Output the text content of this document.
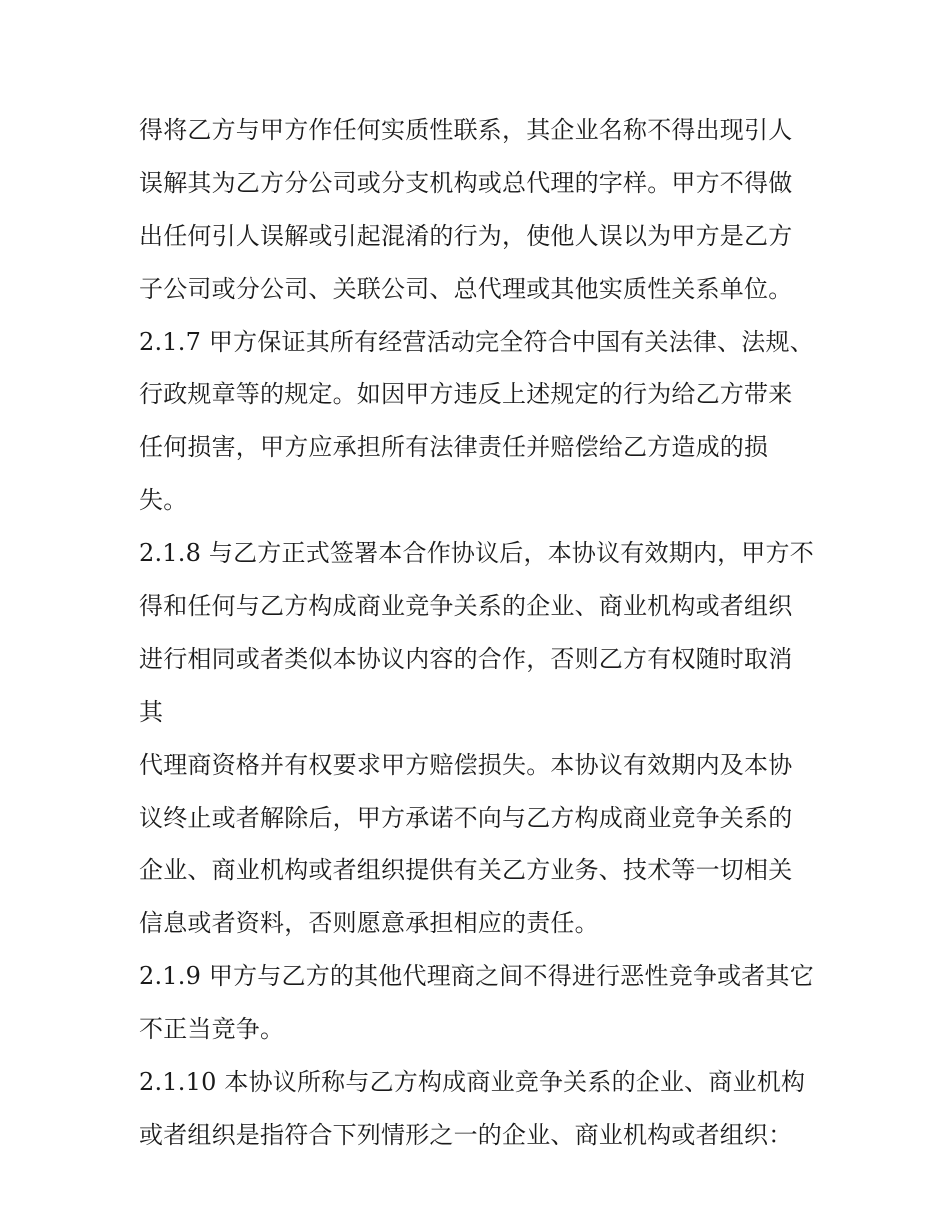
得将乙方与甲方作任何实质性联系，其企业名称不得出现引人
误解其为乙方分公司或分支机构或总代理的字样。甲方不得做
出任何引人误解或引起混淆的行为，使他人误以为甲方是乙方
子公司或分公司、关联公司、总代理或其他实质性关系单位。
2.1.7 甲方保证其所有经营活动完全符合中国有关法律、法规、
行政规章等的规定。如因甲方违反上述规定的行为给乙方带来
任何损害，甲方应承担所有法律责任并赔偿给乙方造成的损
失。
2.1.8 与乙方正式签署本合作协议后，本协议有效期内，甲方不
得和任何与乙方构成商业竞争关系的企业、商业机构或者组织
进行相同或者类似本协议内容的合作，否则乙方有权随时取消
其
代理商资格并有权要求甲方赔偿损失。本协议有效期内及本协
议终止或者解除后，甲方承诺不向与乙方构成商业竞争关系的
企业、商业机构或者组织提供有关乙方业务、技术等一切相关
信息或者资料，否则愿意承担相应的责任。
2.1.9 甲方与乙方的其他代理商之间不得进行恶性竞争或者其它
不正当竞争。
2.1.10 本协议所称与乙方构成商业竞争关系的企业、商业机构
或者组织是指符合下列情形之一的企业、商业机构或者组织：
